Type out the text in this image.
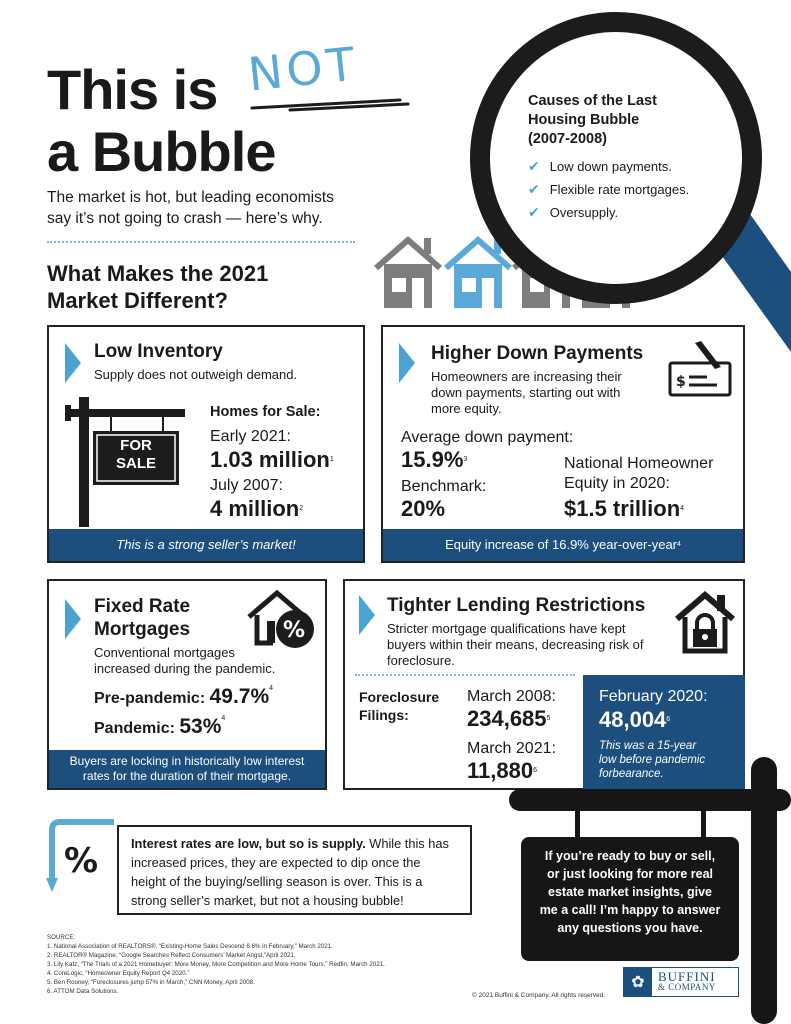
This is NOT
a Bubble
The market is hot, but leading economists
say it’s not going to crash — here’s why.
What Makes the 2021
Market Different?
Causes of the Last
Housing Bubble
(2007-2008)
✔ Low down payments.
✔ Flexible rate mortgages.
✔ Oversupply.
Low Inventory
Supply does not outweigh demand.
FOR
SALE
Homes for Sale:
Early 2021:
1.03 million$^1$
July 2007:
4 million$^2$
This is a strong seller’s market!
Higher Down Payments
Homeowners are increasing their
down payments, starting out with
more equity.
$
Average down payment:
15.9%$^3$
Benchmark:
20%
National Homeowner
Equity in 2020:
$1.5 trillion$^4$
Equity increase of 16.9% year-over-year 4
Fixed Rate
Mortgages	%
Conventional mortgages
increased during the pandemic.
Pre-pandemic: 49.7%$^4$
Pandemic: 53%$^4$
Buyers are locking in historically low interest
rates for the duration of their mortgage.
Tighter Lending Restrictions
Stricter mortgage qualifications have kept
buyers within their means, decreasing risk of
foreclosure.
Foreclosure
Filings:
March 2008:
234,685$^5$
March 2021:
11,880$^6$
February 2020:
48,004$^6$
This was a 15-year
low before pandemic
forbearance.
%	Interest rates are low, but so is supply. While this has
increased prices, they are expected to dip once the
height of the buying/selling season is over. This is a
strong seller’s market, but not a housing bubble!
If you’re ready to buy or sell,
or just looking for more real
estate market insights, give
me a call! I’m happy to answer
any questions you have.
SOURCE:
1. National Association of REALTORS®, “Existing-Home Sales Descend 6.6% in February,” March 2021.
2. REALTOR® Magazine, “Google Searches Reflect Consumers’ Market Angst,”April 2021.
3. Lily Katz, “The Trials of a 2021 Homebuyer: More Money, More Competition and More Home Tours,” Redfin, March 2021.
4. CoreLogic, “Homeowner Equity Report Q4 2020.”
5. Ben Rooney, “Foreclosures jump 57% in March,” CNN Money, April 2008.
6. ATTOM Data Solutions.
© 2021 Buffini & Company. All rights reserved.
✿	BUFFINI
& COMPANY
